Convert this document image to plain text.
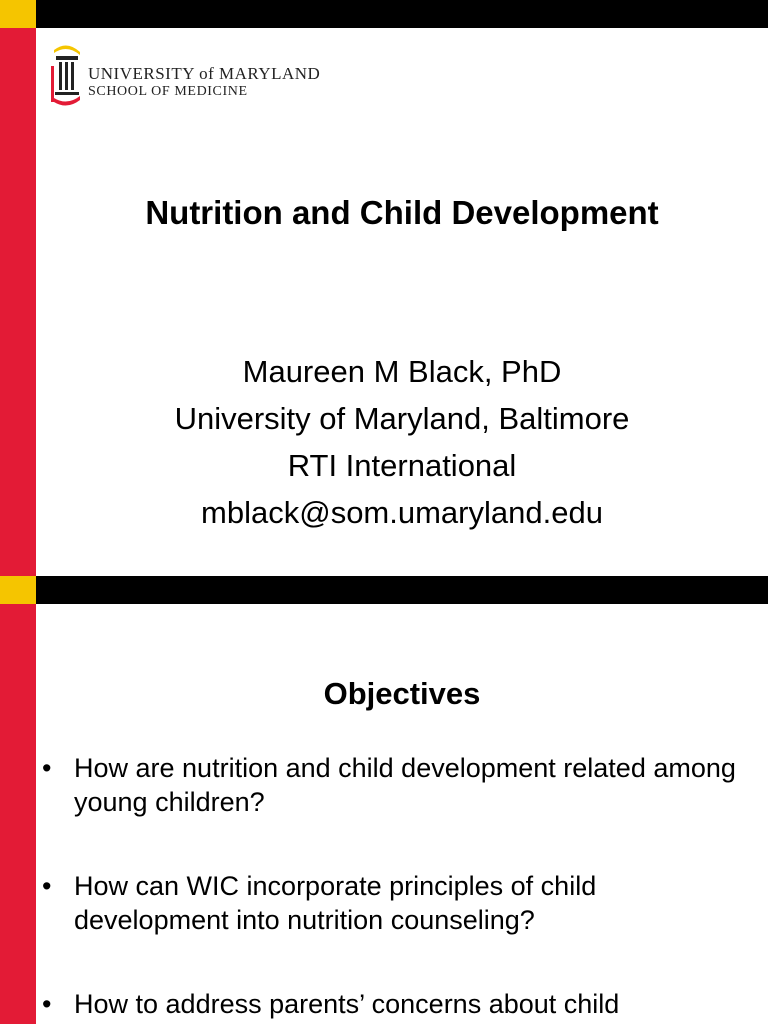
UNIVERSITY of MARYLAND
SCHOOL OF MEDICINE
Nutrition and Child Development
Maureen M Black, PhD
University of Maryland, Baltimore
RTI International
mblack@som.umaryland.edu
Objectives
• How are nutrition and child development related among young children?
• How can WIC incorporate principles of child development into nutrition counseling?
• How to address parents’ concerns about child
